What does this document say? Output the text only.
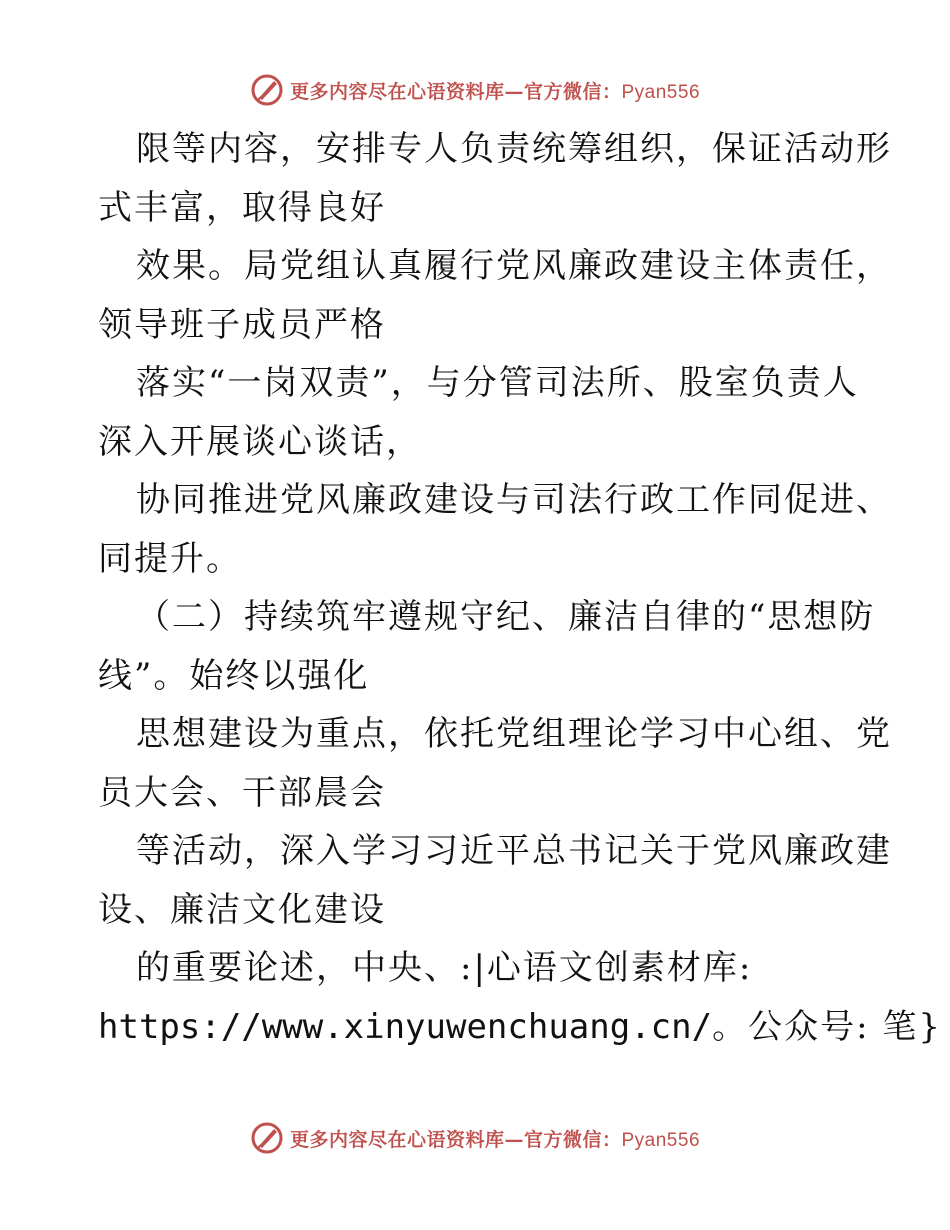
更多内容尽在心语资料库—官方微信：Pyan556
限等内容，安排专人负责统筹组织，保证活动形
式丰富，取得良好
效果。局党组认真履行党风廉政建设主体责任，
领导班子成员严格
落实“一岗双责”，与分管司法所、股室负责人
深入开展谈心谈话，
协同推进党风廉政建设与司法行政工作同促进、
同提升。
（二）持续筑牢遵规守纪、廉洁自律的“思想防
线”。始终以强化
思想建设为重点，依托党组理论学习中心组、党
员大会、干部晨会
等活动，深入学习习近平总书记关于党风廉政建
设、廉洁文化建设
的重要论述，中央、:|心语文创素材库:
https://www.xinyuwenchuang.cn/。公众号: 笔}
更多内容尽在心语资料库—官方微信：Pyan556
